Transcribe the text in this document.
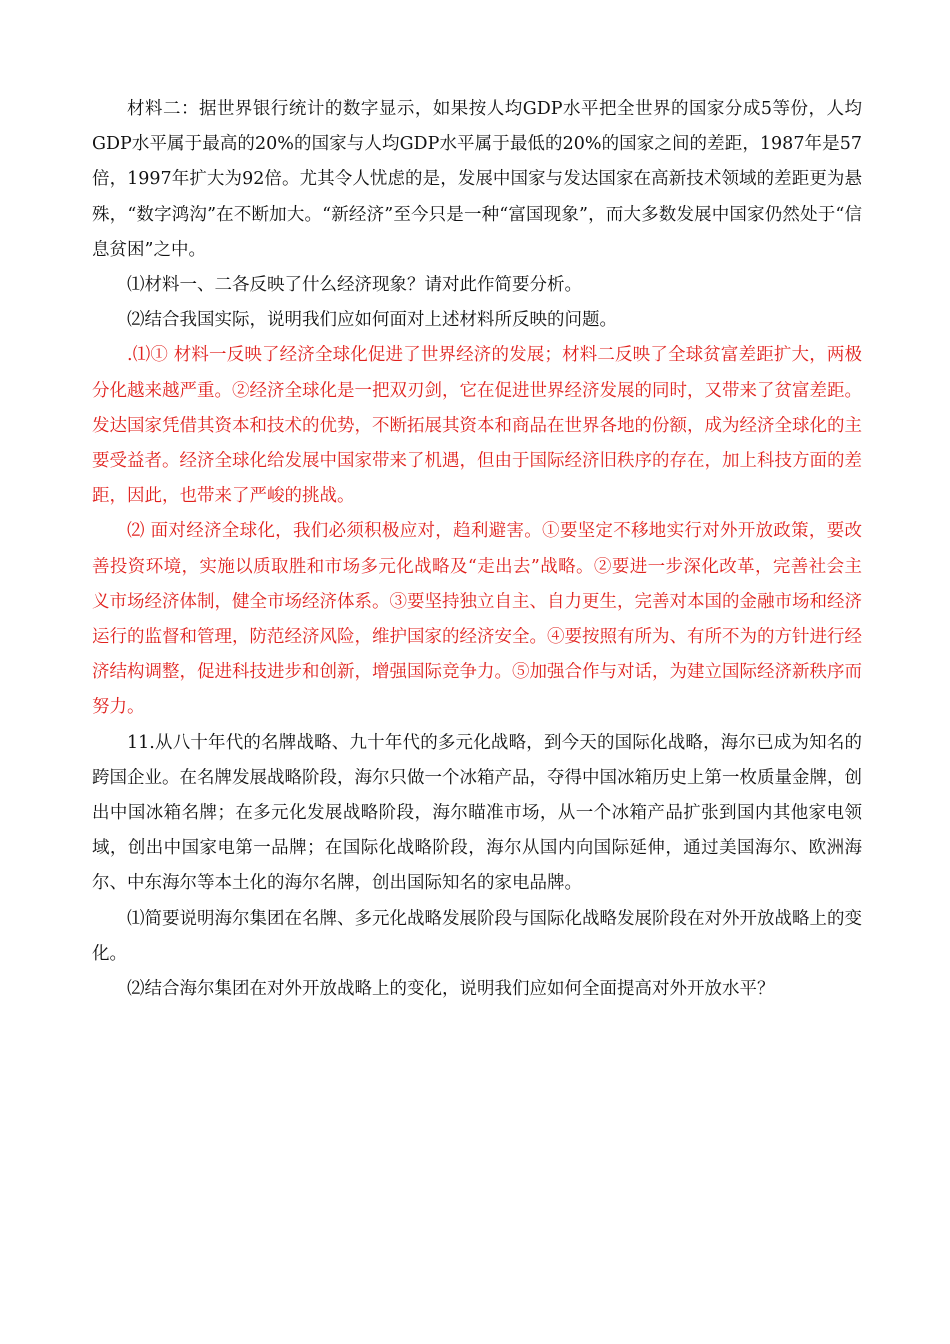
材料二：据世界银行统计的数字显示，如果按人均GDP水平把全世界的国家分成5等份，人均GDP水平属于最高的20%的国家与人均GDP水平属于最低的20%的国家之间的差距，1987年是57倍，1997年扩大为92倍。尤其令人忧虑的是，发展中国家与发达国家在高新技术领域的差距更为悬殊，“数字鸿沟”在不断加大。“新经济”至今只是一种“富国现象”，而大多数发展中国家仍然处于“信息贫困”之中。

⑴材料一、二各反映了什么经济现象？请对此作简要分析。

⑵结合我国实际，说明我们应如何面对上述材料所反映的问题。

.⑴① 材料一反映了经济全球化促进了世界经济的发展；材料二反映了全球贫富差距扩大，两极分化越来越严重。②经济全球化是一把双刃剑，它在促进世界经济发展的同时，又带来了贫富差距。发达国家凭借其资本和技术的优势，不断拓展其资本和商品在世界各地的份额，成为经济全球化的主要受益者。经济全球化给发展中国家带来了机遇，但由于国际经济旧秩序的存在，加上科技方面的差距，因此，也带来了严峻的挑战。

⑵ 面对经济全球化，我们必须积极应对，趋利避害。①要坚定不移地实行对外开放政策，要改善投资环境，实施以质取胜和市场多元化战略及“走出去”战略。②要进一步深化改革，完善社会主义市场经济体制，健全市场经济体系。③要坚持独立自主、自力更生，完善对本国的金融市场和经济运行的监督和管理，防范经济风险，维护国家的经济安全。④要按照有所为、有所不为的方针进行经济结构调整，促进科技进步和创新，增强国际竞争力。⑤加强合作与对话，为建立国际经济新秩序而努力。

11.从八十年代的名牌战略、九十年代的多元化战略，到今天的国际化战略，海尔已成为知名的跨国企业。在名牌发展战略阶段，海尔只做一个冰箱产品，夺得中国冰箱历史上第一枚质量金牌，创出中国冰箱名牌；在多元化发展战略阶段，海尔瞄准市场，从一个冰箱产品扩张到国内其他家电领域，创出中国家电第一品牌；在国际化战略阶段，海尔从国内向国际延伸，通过美国海尔、欧洲海尔、中东海尔等本土化的海尔名牌，创出国际知名的家电品牌。

⑴简要说明海尔集团在名牌、多元化战略发展阶段与国际化战略发展阶段在对外开放战略上的变化。

⑵结合海尔集团在对外开放战略上的变化，说明我们应如何全面提高对外开放水平？
